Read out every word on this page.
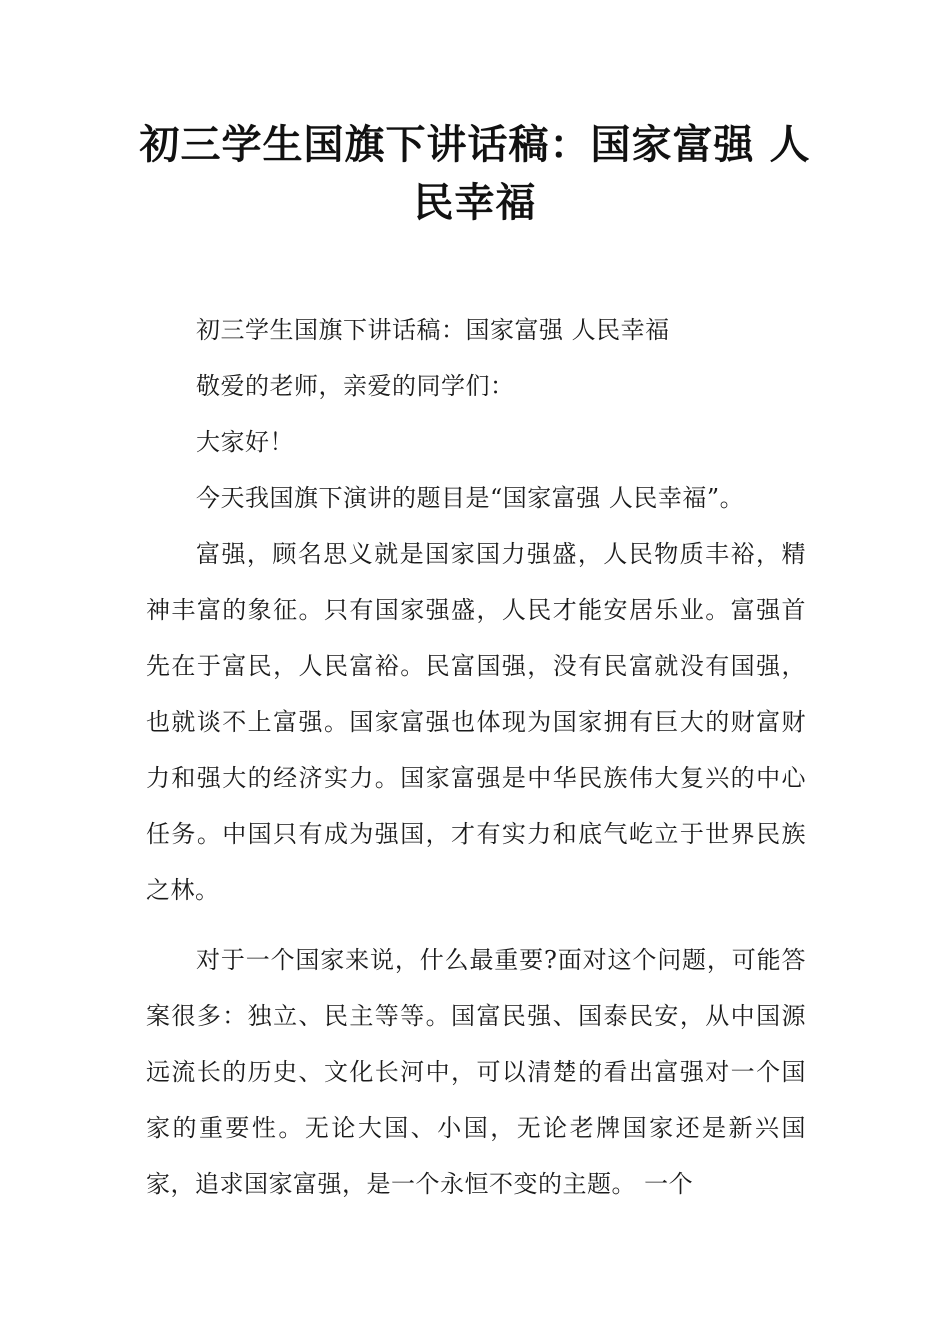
初三学生国旗下讲话稿：国家富强 人民幸福

初三学生国旗下讲话稿：国家富强 人民幸福

敬爱的老师，亲爱的同学们：

大家好！

今天我国旗下演讲的题目是“国家富强 人民幸福”。

富强，顾名思义就是国家国力强盛，人民物质丰裕，精神丰富的象征。只有国家强盛，人民才能安居乐业。富强首先在于富民，人民富裕。民富国强，没有民富就没有国强，也就谈不上富强。国家富强也体现为国家拥有巨大的财富财力和强大的经济实力。国家富强是中华民族伟大复兴的中心任务。中国只有成为强国，才有实力和底气屹立于世界民族之林。

对于一个国家来说，什么最重要?面对这个问题，可能答案很多：独立、民主等等。国富民强、国泰民安，从中国源远流长的历史、文化长河中，可以清楚的看出富强对一个国家的重要性。无论大国、小国，无论老牌国家还是新兴国家，追求国家富强，是一个永恒不变的主题。 一个
